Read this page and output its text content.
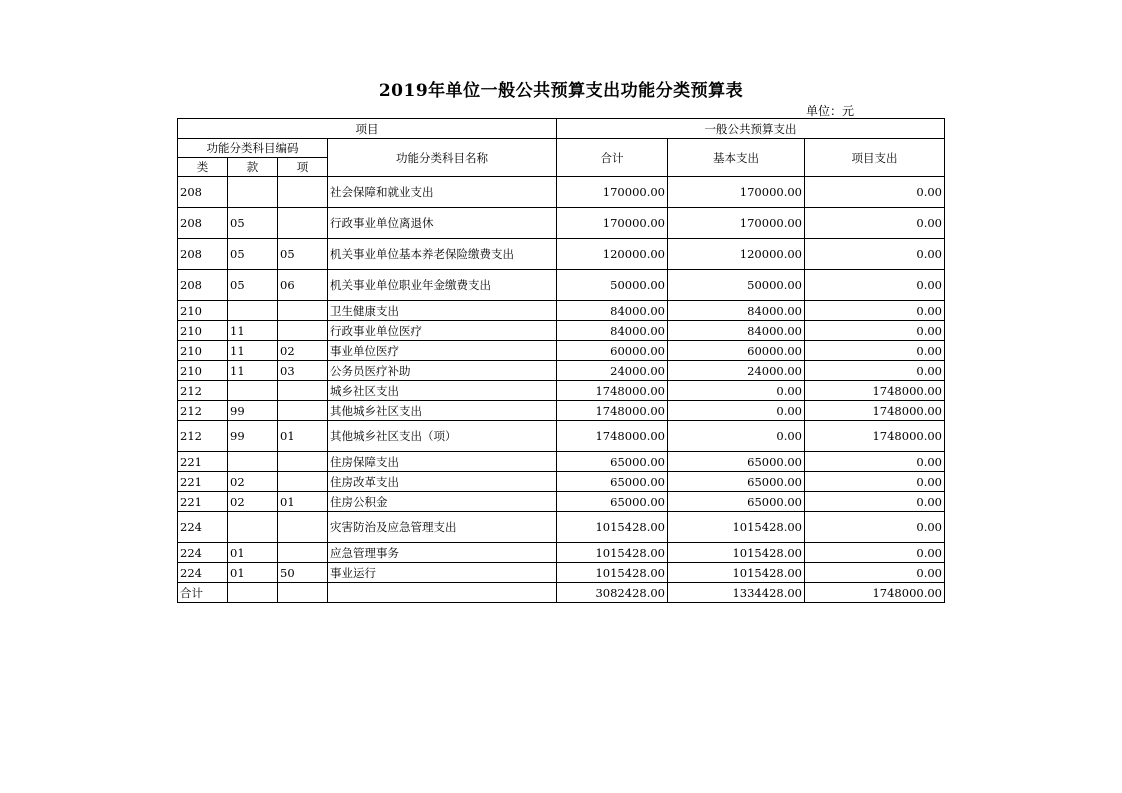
2019年单位一般公共预算支出功能分类预算表
单位：元
项目				一般公共预算支出		
功能分类科目编码			功能分类科目名称	合计	基本支出	项目支出
类	款	项				
208			社会保障和就业支出	170000.00	170000.00	0.00
208	05		行政事业单位离退休	170000.00	170000.00	0.00
208	05	05	机关事业单位基本养老保险缴费支出	120000.00	120000.00	0.00
208	05	06	机关事业单位职业年金缴费支出	50000.00	50000.00	0.00
210			卫生健康支出	84000.00	84000.00	0.00
210	11		行政事业单位医疗	84000.00	84000.00	0.00
210	11	02	事业单位医疗	60000.00	60000.00	0.00
210	11	03	公务员医疗补助	24000.00	24000.00	0.00
212			城乡社区支出	1748000.00	0.00	1748000.00
212	99		其他城乡社区支出	1748000.00	0.00	1748000.00
212	99	01	其他城乡社区支出（项）	1748000.00	0.00	1748000.00
221			住房保障支出	65000.00	65000.00	0.00
221	02		住房改革支出	65000.00	65000.00	0.00
221	02	01	住房公积金	65000.00	65000.00	0.00
224			灾害防治及应急管理支出	1015428.00	1015428.00	0.00
224	01		应急管理事务	1015428.00	1015428.00	0.00
224	01	50	事业运行	1015428.00	1015428.00	0.00
合计				3082428.00	1334428.00	1748000.00
